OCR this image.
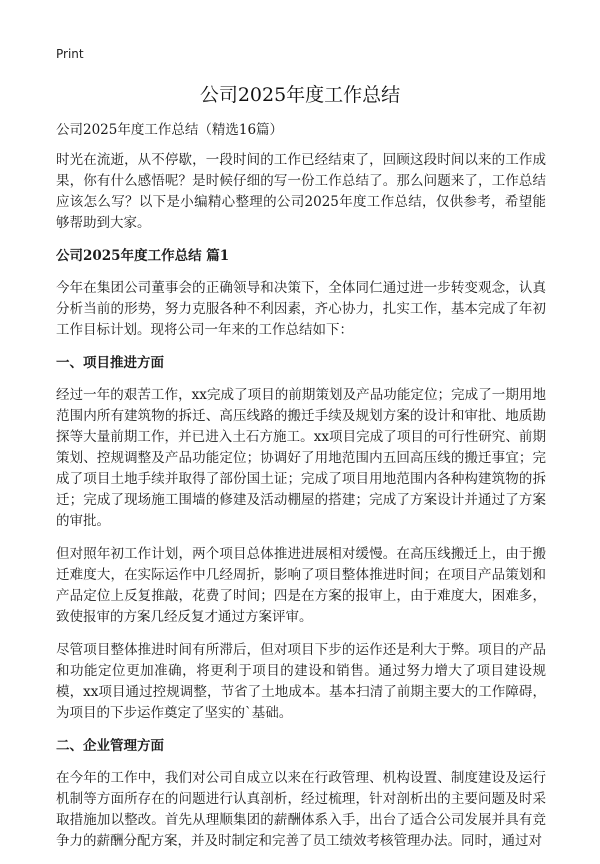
Print
公司2025年度工作总结

公司2025年度工作总结（精选16篇）

时光在流逝，从不停歇，一段时间的工作已经结束了，回顾这段时间以来的工作成果，你有什么感悟呢？是时候仔细的写一份工作总结了。那么问题来了，工作总结应该怎么写？以下是小编精心整理的公司2025年度工作总结，仅供参考，希望能够帮助到大家。

公司2025年度工作总结 篇1

今年在集团公司董事会的正确领导和决策下，全体同仁通过进一步转变观念，认真分析当前的形势，努力克服各种不利因素，齐心协力，扎实工作，基本完成了年初工作目标计划。现将公司一年来的工作总结如下：

一、项目推进方面

经过一年的艰苦工作，xx完成了项目的前期策划及产品功能定位；完成了一期用地范围内所有建筑物的拆迁、高压线路的搬迁手续及规划方案的设计和审批、地质勘探等大量前期工作，并已进入土石方施工。xx项目完成了项目的可行性研究、前期策划、控规调整及产品功能定位；协调好了用地范围内五回高压线的搬迁事宜；完成了项目土地手续并取得了部份国土证；完成了项目用地范围内各种构建筑物的拆迁；完成了现场施工围墙的修建及活动棚屋的搭建；完成了方案设计并通过了方案的审批。

但对照年初工作计划，两个项目总体推进进展相对缓慢。在高压线搬迁上，由于搬迁难度大，在实际运作中几经周折，影响了项目整体推进时间；在项目产品策划和产品定位上反复推敲，花费了时间；四是在方案的报审上，由于难度大，困难多，致使报审的方案几经反复才通过方案评审。

尽管项目整体推进时间有所滞后，但对项目下步的运作还是利大于弊。项目的产品和功能定位更加准确，将更利于项目的建设和销售。通过努力增大了项目建设规模，xx项目通过控规调整，节省了土地成本。基本扫清了前期主要大的工作障碍，为项目的下步运作奠定了坚实的`基础。

二、企业管理方面

在今年的工作中，我们对公司自成立以来在行政管理、机构设置、制度建设及运行机制等方面所存在的问题进行认真剖析，经过梳理，针对剖析出的主要问题及时采取措施加以整改。首先从理顺集团的薪酬体系入手，出台了适合公司发展并具有竞争力的薪酬分配方案，并及时制定和完善了员工绩效考核管理办法。同时，通过对
